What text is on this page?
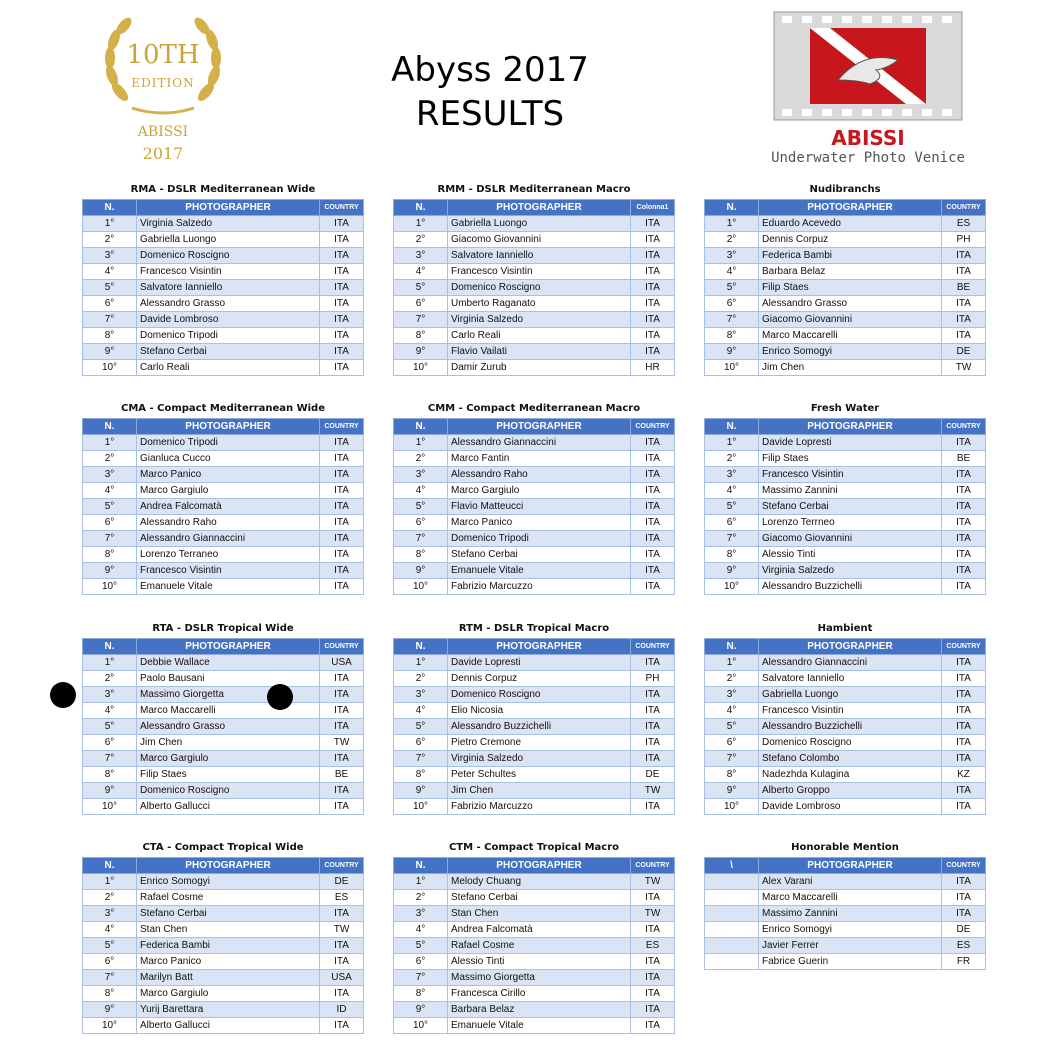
10TH
EDITION
ABISSI
2017
Abyss 2017
RESULTS
ABISSI
Underwater Photo Venice
RMA - DSLR Mediterranean Wide
N.	PHOTOGRAPHER	COUNTRY
1°	Virginia Salzedo	ITA
2°	Gabriella Luongo	ITA
3°	Domenico Roscigno	ITA
4°	Francesco Visintin	ITA
5°	Salvatore Ianniello	ITA
6°	Alessandro Grasso	ITA
7°	Davide Lombroso	ITA
8°	Domenico Tripodi	ITA
9°	Stefano Cerbai	ITA
10°	Carlo Reali	ITA
RMM - DSLR Mediterranean Macro
N.	PHOTOGRAPHER	Colonna1
1°	Gabriella Luongo	ITA
2°	Giacomo Giovannini	ITA
3°	Salvatore Ianniello	ITA
4°	Francesco Visintin	ITA
5°	Domenico Roscigno	ITA
6°	Umberto Raganato	ITA
7°	Virginia Salzedo	ITA
8°	Carlo Reali	ITA
9°	Flavio Vailati	ITA
10°	Damir Zurub	HR
Nudibranchs
N.	PHOTOGRAPHER	COUNTRY
1°	Eduardo Acevedo	ES
2°	Dennis Corpuz	PH
3°	Federica Bambi	ITA
4°	Barbara Belaz	ITA
5°	Filip Staes	BE
6°	Alessandro Grasso	ITA
7°	Giacomo Giovannini	ITA
8°	Marco Maccarelli	ITA
9°	Enrico Somogyi	DE
10°	Jim Chen	TW
CMA - Compact Mediterranean Wide
N.	PHOTOGRAPHER	COUNTRY
1°	Domenico Tripodi	ITA
2°	Gianluca Cucco	ITA
3°	Marco Panico	ITA
4°	Marco Gargiulo	ITA
5°	Andrea Falcomatà	ITA
6°	Alessandro Raho	ITA
7°	Alessandro Giannaccini	ITA
8°	Lorenzo Terraneo	ITA
9°	Francesco Visintin	ITA
10°	Emanuele Vitale	ITA
CMM - Compact Mediterranean Macro
N.	PHOTOGRAPHER	COUNTRY
1°	Alessandro Giannaccini	ITA
2°	Marco Fantin	ITA
3°	Alessandro Raho	ITA
4°	Marco Gargiulo	ITA
5°	Flavio Matteucci	ITA
6°	Marco Panico	ITA
7°	Domenico Tripodi	ITA
8°	Stefano Cerbai	ITA
9°	Emanuele Vitale	ITA
10°	Fabrizio Marcuzzo	ITA
Fresh Water
N.	PHOTOGRAPHER	COUNTRY
1°	Davide Lopresti	ITA
2°	Filip Staes	BE
3°	Francesco Visintin	ITA
4°	Massimo Zannini	ITA
5°	Stefano Cerbai	ITA
6°	Lorenzo Terrneo	ITA
7°	Giacomo Giovannini	ITA
8°	Alessio Tinti	ITA
9°	Virginia Salzedo	ITA
10°	Alessandro Buzzichelli	ITA
RTA - DSLR Tropical Wide
N.	PHOTOGRAPHER	COUNTRY
1°	Debbie Wallace	USA
2°	Paolo Bausani	ITA
3°	Massimo Giorgetta	ITA
4°	Marco Maccarelli	ITA
5°	Alessandro Grasso	ITA
6°	Jim Chen	TW
7°	Marco Gargiulo	ITA
8°	Filip Staes	BE
9°	Domenico Roscigno	ITA
10°	Alberto Gallucci	ITA
RTM - DSLR Tropical Macro
N.	PHOTOGRAPHER	COUNTRY
1°	Davide Lopresti	ITA
2°	Dennis Corpuz	PH
3°	Domenico Roscigno	ITA
4°	Elio Nicosia	ITA
5°	Alessandro Buzzichelli	ITA
6°	Pietro Cremone	ITA
7°	Virginia Salzedo	ITA
8°	Peter Schultes	DE
9°	Jim Chen	TW
10°	Fabrizio Marcuzzo	ITA
Hambient
N.	PHOTOGRAPHER	COUNTRY
1°	Alessandro Giannaccini	ITA
2°	Salvatore Ianniello	ITA
3°	Gabriella Luongo	ITA
4°	Francesco Visintin	ITA
5°	Alessandro Buzzichelli	ITA
6°	Domenico Roscigno	ITA
7°	Stefano Colombo	ITA
8°	Nadezhda Kulagina	KZ
9°	Alberto Groppo	ITA
10°	Davide Lombroso	ITA
CTA - Compact Tropical Wide
N.	PHOTOGRAPHER	COUNTRY
1°	Enrico Somogyi	DE
2°	Rafael Cosme	ES
3°	Stefano Cerbai	ITA
4°	Stan Chen	TW
5°	Federica Bambi	ITA
6°	Marco Panico	ITA
7°	Marilyn Batt	USA
8°	Marco Gargiulo	ITA
9°	Yurij Barettara	ID
10°	Alberto Gallucci	ITA
CTM - Compact Tropical Macro
N.	PHOTOGRAPHER	COUNTRY
1°	Melody Chuang	TW
2°	Stefano Cerbai	ITA
3°	Stan Chen	TW
4°	Andrea Falcomatà	ITA
5°	Rafael Cosme	ES
6°	Alessio Tinti	ITA
7°	Massimo Giorgetta	ITA
8°	Francesca Cirillo	ITA
9°	Barbara Belaz	ITA
10°	Emanuele Vitale	ITA
Honorable Mention
\	PHOTOGRAPHER	COUNTRY
	Alex Varani	ITA
	Marco Maccarelli	ITA
	Massimo Zannini	ITA
	Enrico Somogyi	DE
	Javier Ferrer	ES
	Fabrice Guerin	FR
